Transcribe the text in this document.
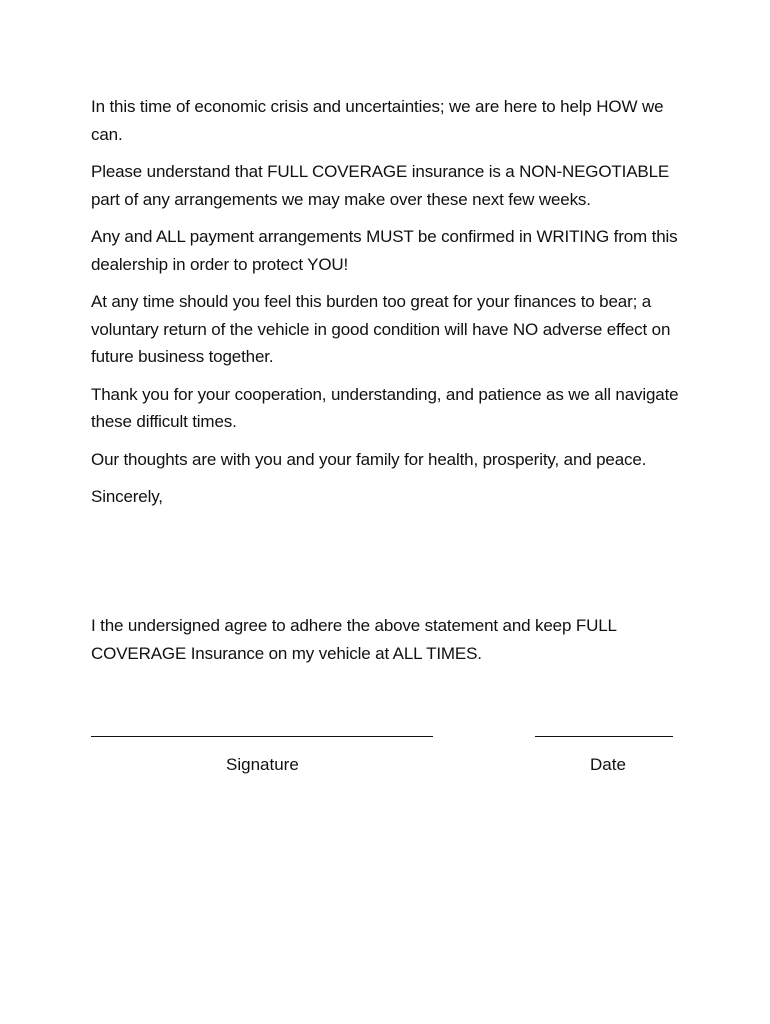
In this time of economic crisis and uncertainties; we are here to help HOW we can.

Please understand that FULL COVERAGE insurance is a NON-NEGOTIABLE part of any arrangements we may make over these next few weeks.

Any and ALL payment arrangements MUST be confirmed in WRITING from this dealership in order to protect YOU!

At any time should you feel this burden too great for your finances to bear; a voluntary return of the vehicle in good condition will have NO adverse effect on future business together.

Thank you for your cooperation, understanding, and patience as we all navigate these difficult times.

Our thoughts are with you and your family for health, prosperity, and peace.

Sincerely,

I the undersigned agree to adhere the above statement and keep FULL COVERAGE Insurance on my vehicle at ALL TIMES.

Signature	Date
